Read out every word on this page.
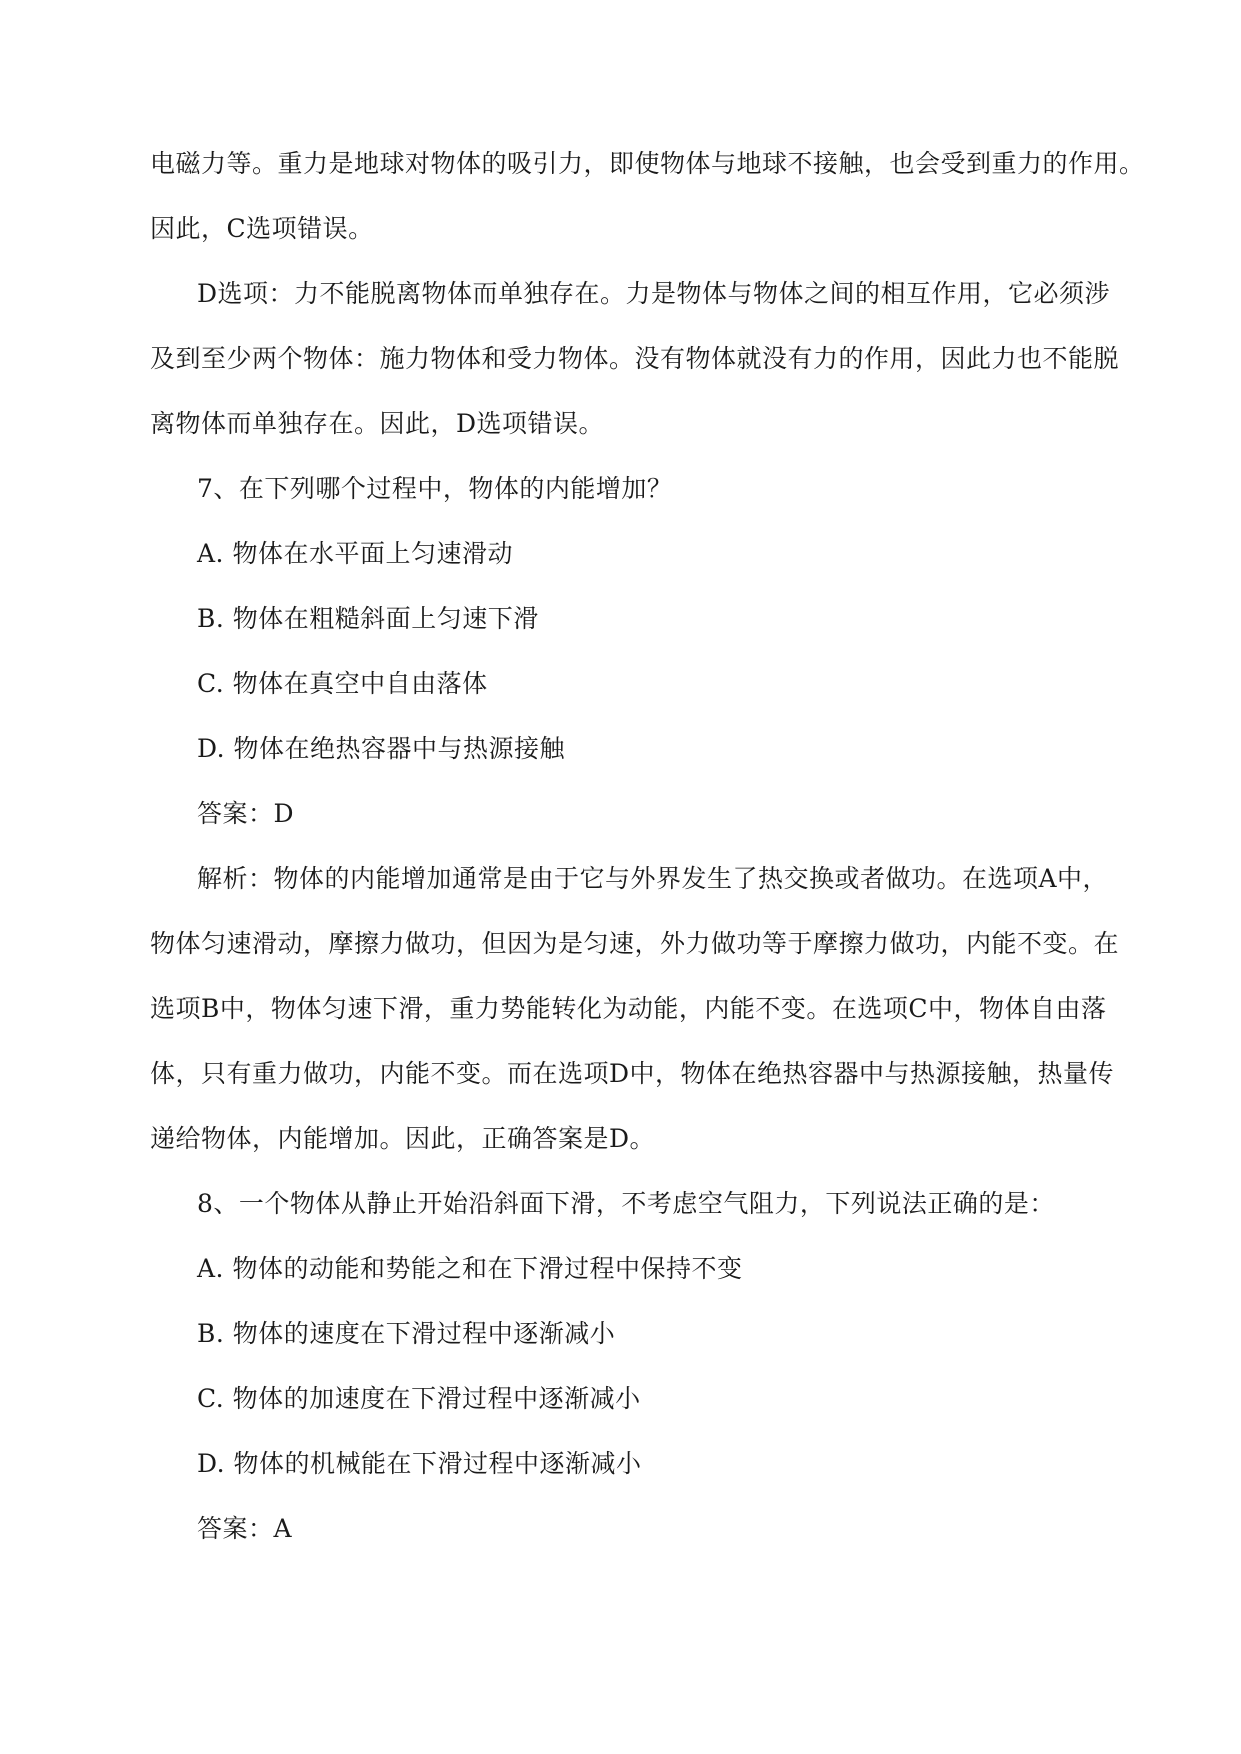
电磁力等。重力是地球对物体的吸引力，即使物体与地球不接触，也会受到重力的作用。
因此，C选项错误。
D选项：力不能脱离物体而单独存在。力是物体与物体之间的相互作用，它必须涉
及到至少两个物体：施力物体和受力物体。没有物体就没有力的作用，因此力也不能脱
离物体而单独存在。因此，D选项错误。
7、在下列哪个过程中，物体的内能增加？
A. 物体在水平面上匀速滑动
B. 物体在粗糙斜面上匀速下滑
C. 物体在真空中自由落体
D. 物体在绝热容器中与热源接触
答案：D
解析：物体的内能增加通常是由于它与外界发生了热交换或者做功。在选项A中，
物体匀速滑动，摩擦力做功，但因为是匀速，外力做功等于摩擦力做功，内能不变。在
选项B中，物体匀速下滑，重力势能转化为动能，内能不变。在选项C中，物体自由落
体，只有重力做功，内能不变。而在选项D中，物体在绝热容器中与热源接触，热量传
递给物体，内能增加。因此，正确答案是D。
8、一个物体从静止开始沿斜面下滑，不考虑空气阻力，下列说法正确的是：
A. 物体的动能和势能之和在下滑过程中保持不变
B. 物体的速度在下滑过程中逐渐减小
C. 物体的加速度在下滑过程中逐渐减小
D. 物体的机械能在下滑过程中逐渐减小
答案：A
